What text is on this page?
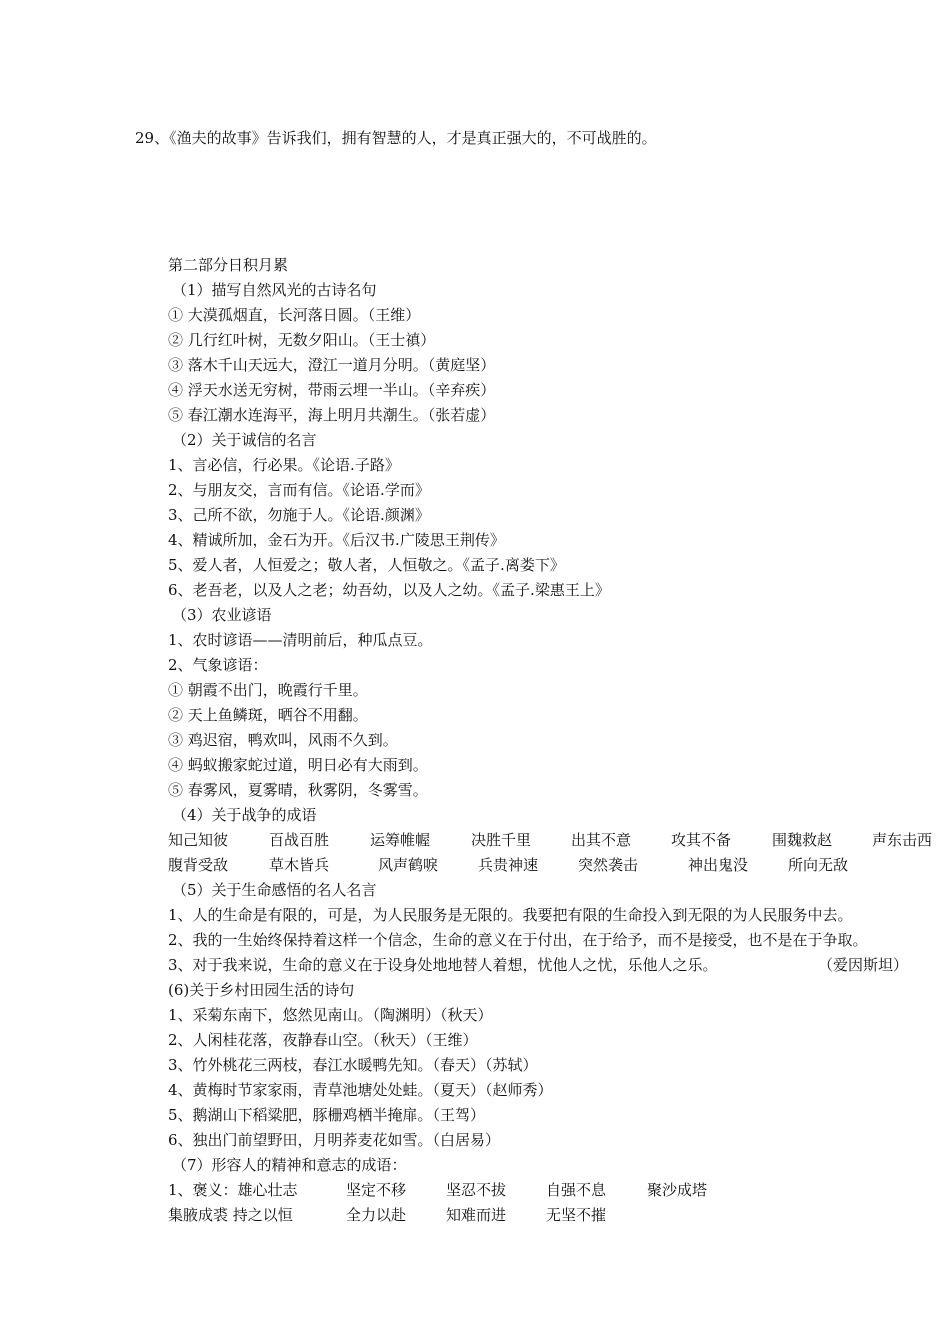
29、《渔夫的故事》告诉我们，拥有智慧的人，才是真正强大的，不可战胜的。
第二部分日积月累
（1）描写自然风光的古诗名句
① 大漠孤烟直，长河落日圆。（王维）
② 几行红叶树，无数夕阳山。（王士禛）
③ 落木千山天远大，澄江一道月分明。（黄庭坚）
④ 浮天水送无穷树，带雨云埋一半山。（辛弃疾）
⑤ 春江潮水连海平，海上明月共潮生。（张若虚）
（2）关于诚信的名言
1、言必信，行必果。《论语.子路》
2、与朋友交，言而有信。《论语.学而》
3、己所不欲，勿施于人。《论语.颜渊》
4、精诚所加，金石为开。《后汉书.广陵思王荆传》
5、爱人者，人恒爱之；敬人者，人恒敬之。《孟子.离娄下》
6、老吾老，以及人之老；幼吾幼，以及人之幼。《孟子.梁惠王上》
（3）农业谚语
1、农时谚语——清明前后，种瓜点豆。
2、气象谚语：
① 朝霞不出门，晚霞行千里。
② 天上鱼鳞斑，晒谷不用翻。
③ 鸡迟宿，鸭欢叫，风雨不久到。
④ 蚂蚁搬家蛇过道，明日必有大雨到。
⑤ 春雾风，夏雾晴，秋雾阴，冬雾雪。
（4）关于战争的成语
知己知彼	百战百胜	运筹帷幄	决胜千里	出其不意	攻其不备	围魏救赵	声东击西
腹背受敌	草木皆兵	风声鹤唳	兵贵神速	突然袭击	神出鬼没	所向无敌
（5）关于生命感悟的名人名言
1、人的生命是有限的，可是，为人民服务是无限的。我要把有限的生命投入到无限的为人民服务中去。
2、我的一生始终保持着这样一个信念，生命的意义在于付出，在于给予，而不是接受，也不是在于争取。
3、对于我来说，生命的意义在于设身处地地替人着想，忧他人之忧，乐他人之乐。	（爱因斯坦）
(6)关于乡村田园生活的诗句
1、采菊东南下，悠然见南山。（陶渊明）（秋天）
2、人闲桂花落，夜静春山空。（秋天）（王维）
3、竹外桃花三两枝，春江水暖鸭先知。（春天）（苏轼）
4、黄梅时节家家雨，青草池塘处处蛙。（夏天）（赵师秀）
5、鹅湖山下稻粱肥，豚栅鸡栖半掩扉。（王驾）
6、独出门前望野田，月明荞麦花如雪。（白居易）
（7）形容人的精神和意志的成语：
1、褒义：雄心壮志	坚定不移	坚忍不拔	自强不息	聚沙成塔
集腋成裘 持之以恒	全力以赴	知难而进	无坚不摧
